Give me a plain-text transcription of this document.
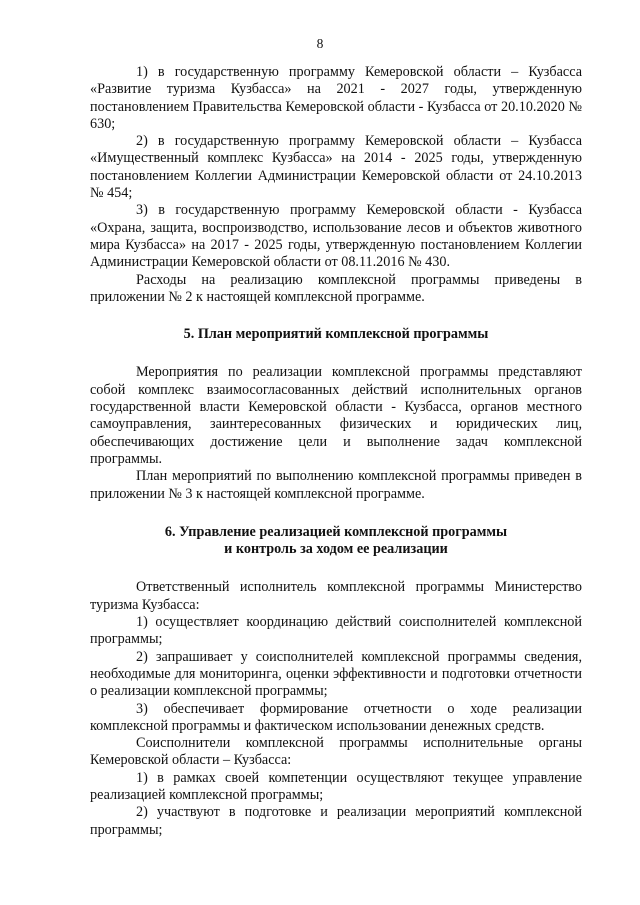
8

1) в государственную программу Кемеровской области – Кузбасса «Развитие туризма Кузбасса» на 2021 - 2027 годы, утвержденную постановлением Правительства Кемеровской области - Кузбасса от 20.10.2020 № 630;

2) в государственную программу Кемеровской области – Кузбасса «Имущественный комплекс Кузбасса» на 2014 - 2025 годы, утвержденную постановлением Коллегии Администрации Кемеровской области от 24.10.2013 № 454;

3) в государственную программу Кемеровской области - Кузбасса «Охрана, защита, воспроизводство, использование лесов и объектов животного мира Кузбасса» на 2017 - 2025 годы, утвержденную постановлением Коллегии Администрации Кемеровской области от 08.11.2016 № 430.

Расходы на реализацию комплексной программы приведены в приложении № 2 к настоящей комплексной программе.

5. План мероприятий комплексной программы

Мероприятия по реализации комплексной программы представляют собой комплекс взаимосогласованных действий исполнительных органов государственной власти Кемеровской области - Кузбасса, органов местного самоуправления, заинтересованных физических и юридических лиц, обеспечивающих достижение цели и выполнение задач комплексной программы.

План мероприятий по выполнению комплексной программы приведен в приложении № 3 к настоящей комплексной программе.

6. Управление реализацией комплексной программы

и контроль за ходом ее реализации

Ответственный исполнитель комплексной программы Министерство туризма Кузбасса:

1) осуществляет координацию действий соисполнителей комплексной программы;

2) запрашивает у соисполнителей комплексной программы сведения, необходимые для мониторинга, оценки эффективности и подготовки отчетности о реализации комплексной программы;

3) обеспечивает формирование отчетности о ходе реализации комплексной программы и фактическом использовании денежных средств.

Соисполнители комплексной программы исполнительные органы Кемеровской области – Кузбасса:

1) в рамках своей компетенции осуществляют текущее управление реализацией комплексной программы;

2) участвуют в подготовке и реализации мероприятий комплексной программы;
